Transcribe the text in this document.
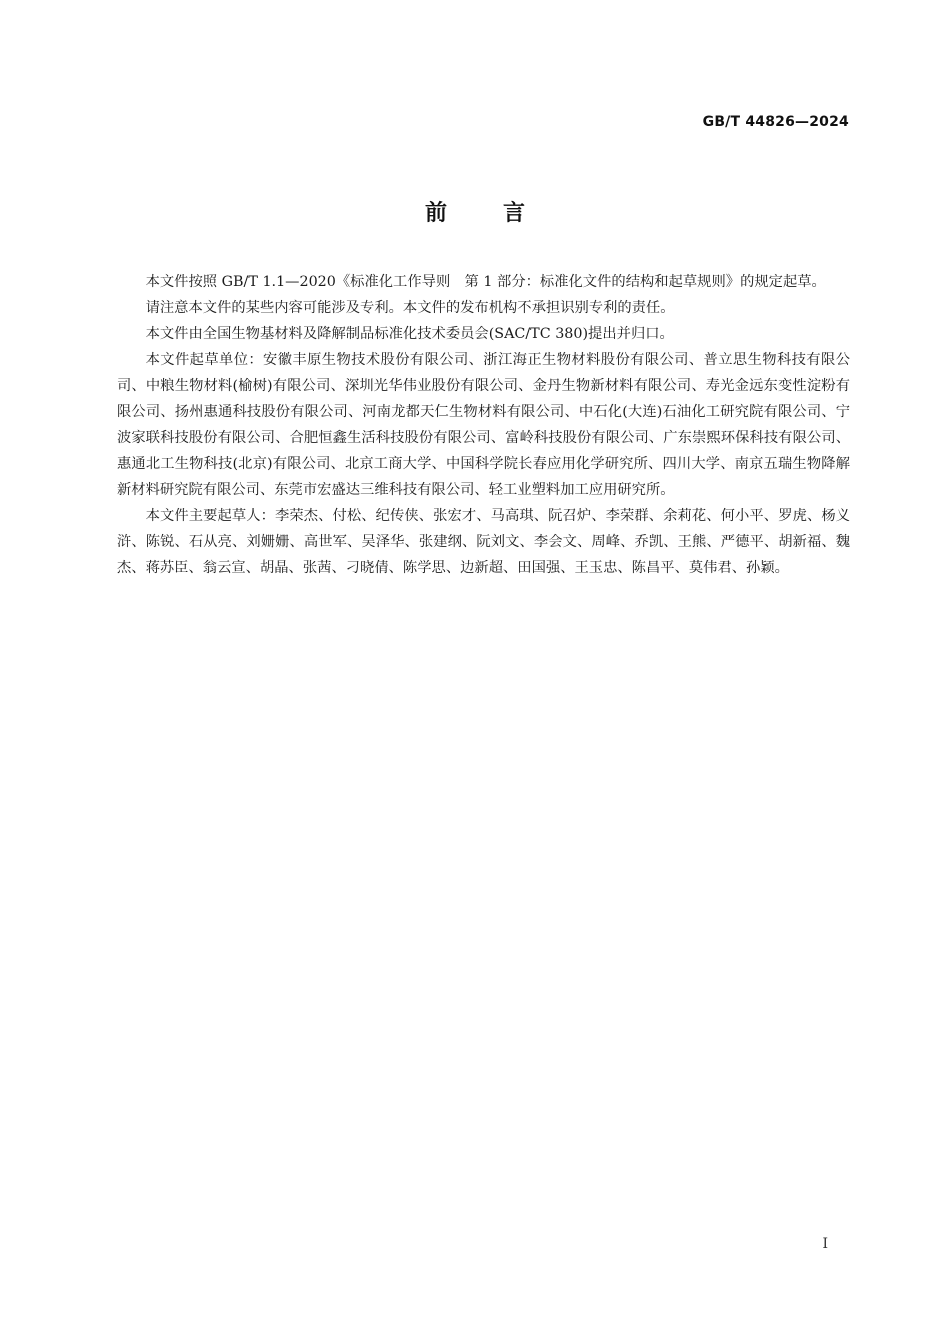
GB/T 44826—2024
前言

本文件按照 GB/T 1.1—2020《标准化工作导则　第 1 部分：标准化文件的结构和起草规则》的规定起草。

请注意本文件的某些内容可能涉及专利。本文件的发布机构不承担识别专利的责任。

本文件由全国生物基材料及降解制品标准化技术委员会(SAC/TC 380)提出并归口。

本文件起草单位：安徽丰原生物技术股份有限公司、浙江海正生物材料股份有限公司、普立思生物科技有限公司、中粮生物材料(榆树)有限公司、深圳光华伟业股份有限公司、金丹生物新材料有限公司、寿光金远东变性淀粉有限公司、扬州惠通科技股份有限公司、河南龙都天仁生物材料有限公司、中石化(大连)石油化工研究院有限公司、宁波家联科技股份有限公司、合肥恒鑫生活科技股份有限公司、富岭科技股份有限公司、广东崇熙环保科技有限公司、惠通北工生物科技(北京)有限公司、北京工商大学、中国科学院长春应用化学研究所、四川大学、南京五瑞生物降解新材料研究院有限公司、东莞市宏盛达三维科技有限公司、轻工业塑料加工应用研究所。

本文件主要起草人：李荣杰、付松、纪传侠、张宏才、马高琪、阮召炉、李荣群、余莉花、何小平、罗虎、杨义浒、陈锐、石从亮、刘姗姗、高世军、吴泽华、张建纲、阮刘文、李会文、周峰、乔凯、王熊、严德平、胡新福、魏杰、蒋苏臣、翁云宣、胡晶、张茜、刁晓倩、陈学思、边新超、田国强、王玉忠、陈昌平、莫伟君、孙颖。

I
